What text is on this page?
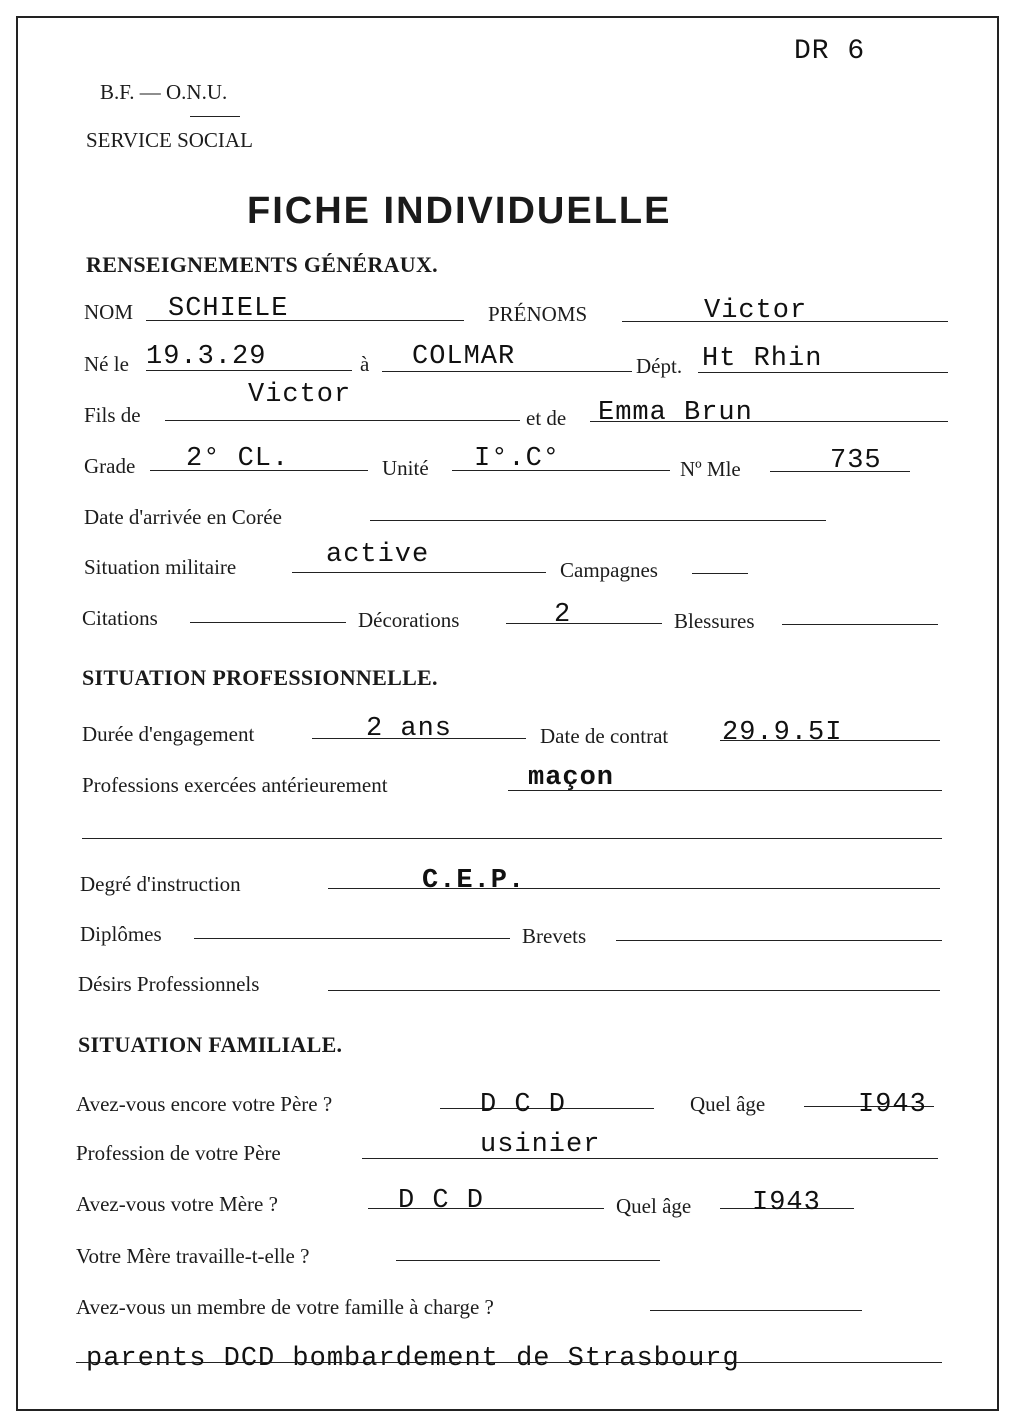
DR 6
B.F. — O.N.U.
SERVICE SOCIAL
FICHE INDIVIDUELLE
RENSEIGNEMENTS GÉNÉRAUX.
NOM SCHIELE	PRÉNOMS	Victor
Né le 19.3.29	à COLMAR	Dépt. Ht Rhin
Fils de
Victor
et de Emma Brun
Grade 2° CL.	Unité I°.C°	Nº Mle	735
Date d'arrivée en Corée
Situation militaire	active	Campagnes
Citations	Décorations	2	Blessures
SITUATION PROFESSIONNELLE.
Durée d'engagement	2 ans	Date de contrat 29.9.5I
Professions exercées antérieurement	maçon
Degré d'instruction	C.E.P.
Diplômes	Brevets
Désirs Professionnels
SITUATION FAMILIALE.
Avez-vous encore votre Père ?	D C D	Quel âge	I943
Profession de votre Père	usinier
Avez-vous votre Mère ?	D C D	Quel âge I943
Votre Mère travaille-t-elle ?
Avez-vous un membre de votre famille à charge ?
parents DCD bombardement de Strasbourg
